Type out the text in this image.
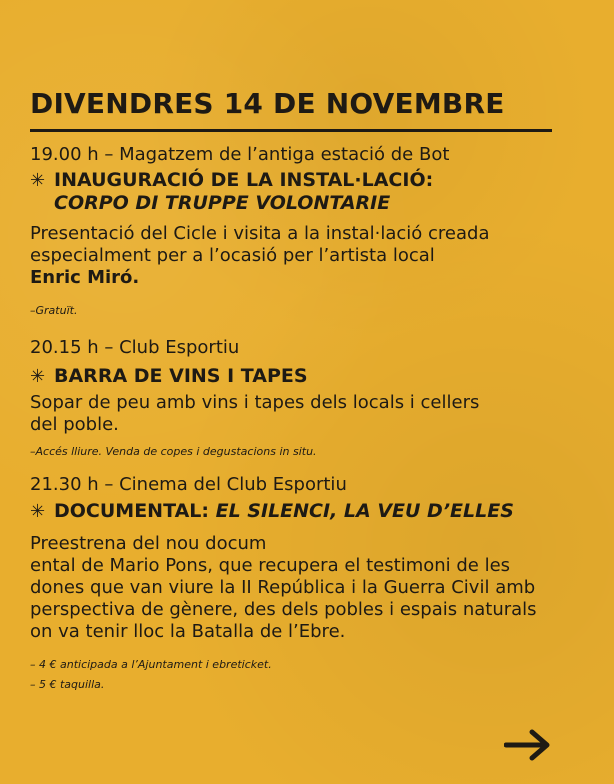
DIVENDRES 14 DE NOVEMBRE
19.00 h – Magatzem de l’antiga estació de Bot
✳ INAUGURACIÓ DE LA INSTAL·LACIÓ:
CORPO DI TRUPPE VOLONTARIE
Presentació del Cicle i visita a la instal·lació creada
especialment per a l’ocasió per l’artista local
Enric Miró.
–Gratuït.
20.15 h – Club Esportiu
✳ BARRA DE VINS I TAPES
Sopar de peu amb vins i tapes dels locals i cellers
del poble.
–Accés lliure. Venda de copes i degustacions in situ.
21.30 h – Cinema del Club Esportiu
✳ DOCUMENTAL: EL SILENCI, LA VEU D’ELLES
Preestrena del nou docum
ental de Mario Pons, que recupera el testimoni de les
dones que van viure la II República i la Guerra Civil amb
perspectiva de gènere, des dels pobles i espais naturals
on va tenir lloc la Batalla de l’Ebre.
– 4 € anticipada a l’Ajuntament i ebreticket.
– 5 € taquilla.
